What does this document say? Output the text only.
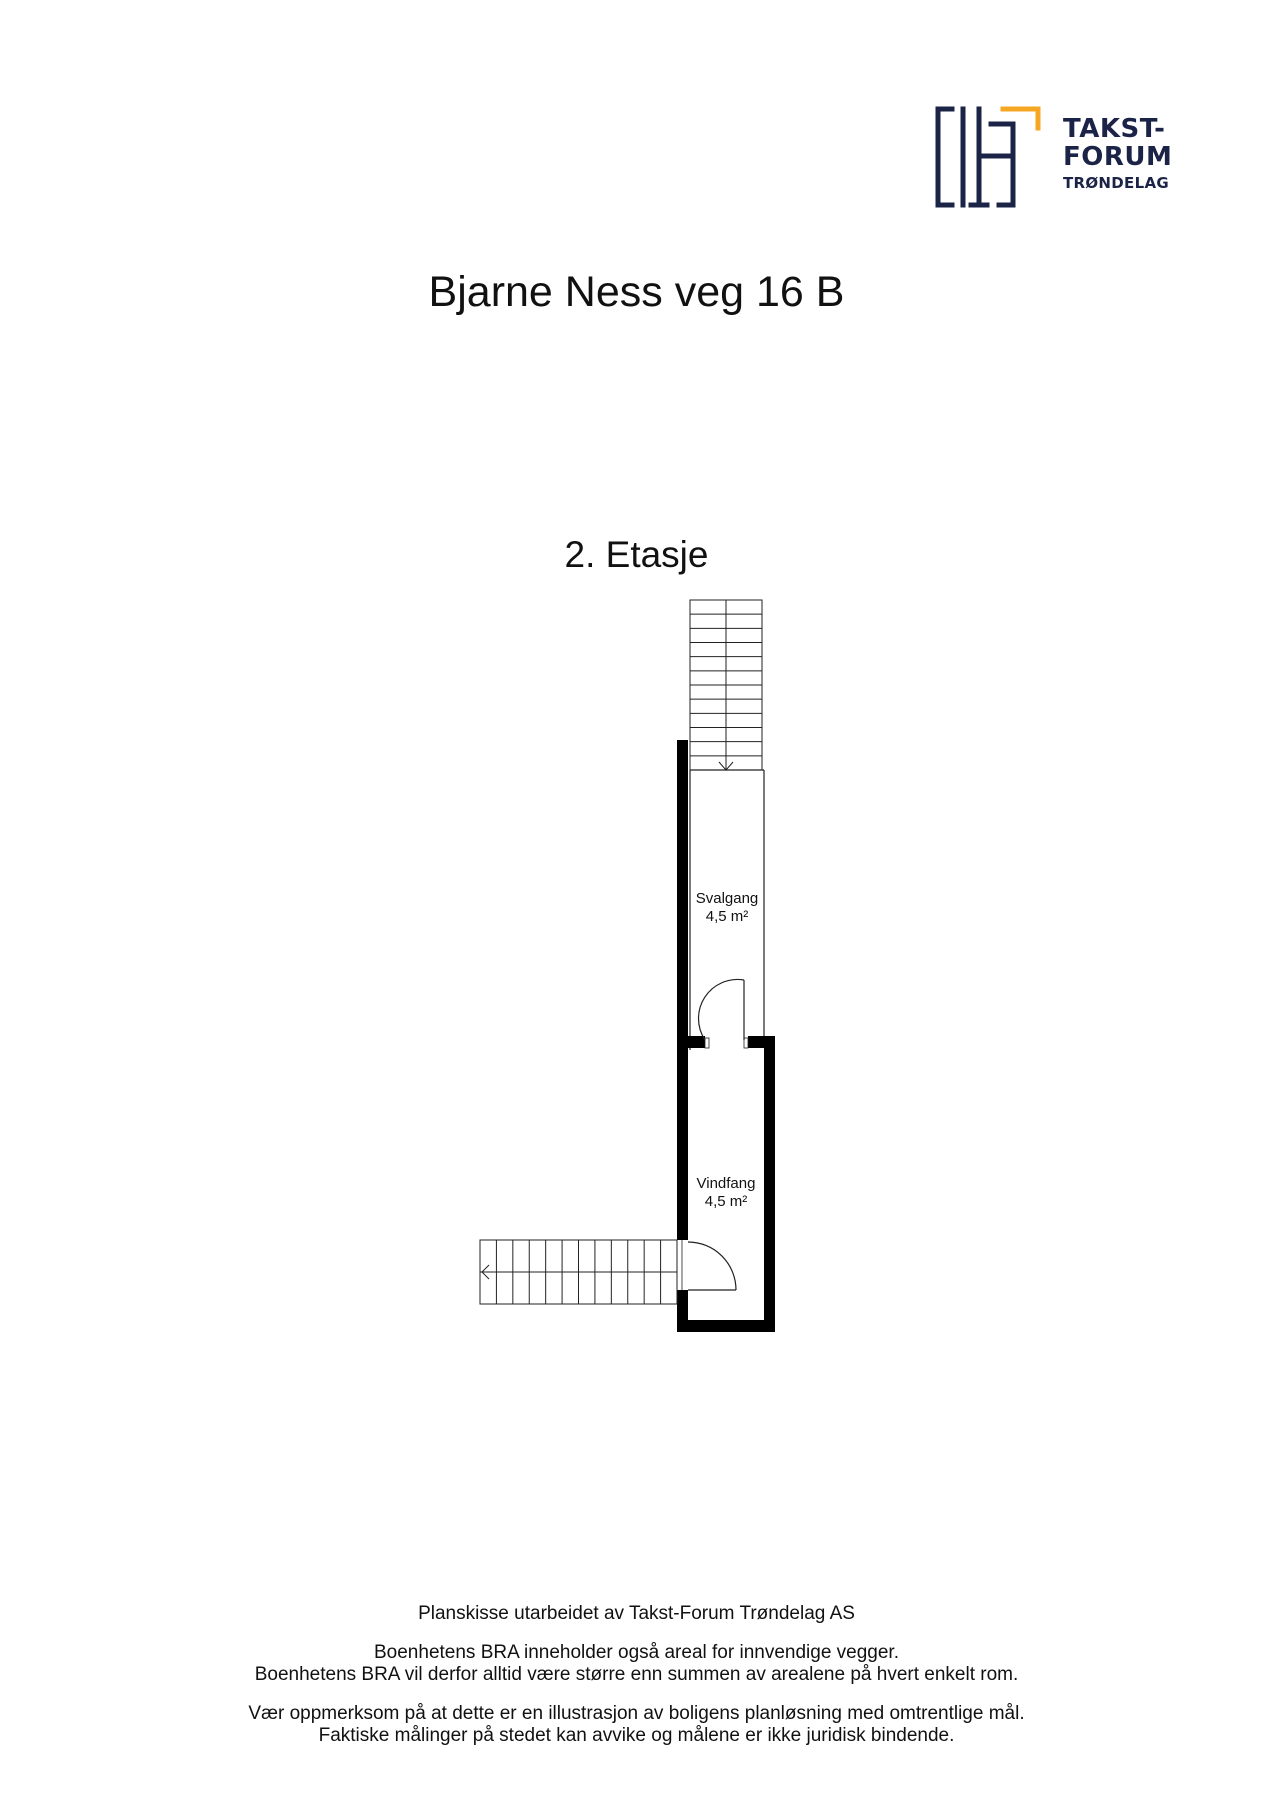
TAKST-
FORUM
TRØNDELAG
Bjarne Ness veg 16 B
2. Etasje
Svalgang
4,5 m²
Vindfang
4,5 m²
Planskisse utarbeidet av Takst-Forum Trøndelag AS
Boenhetens BRA inneholder også areal for innvendige vegger.
Boenhetens BRA vil derfor alltid være større enn summen av arealene på hvert enkelt rom.
Vær oppmerksom på at dette er en illustrasjon av boligens planløsning med omtrentlige mål.
Faktiske målinger på stedet kan avvike og målene er ikke juridisk bindende.
